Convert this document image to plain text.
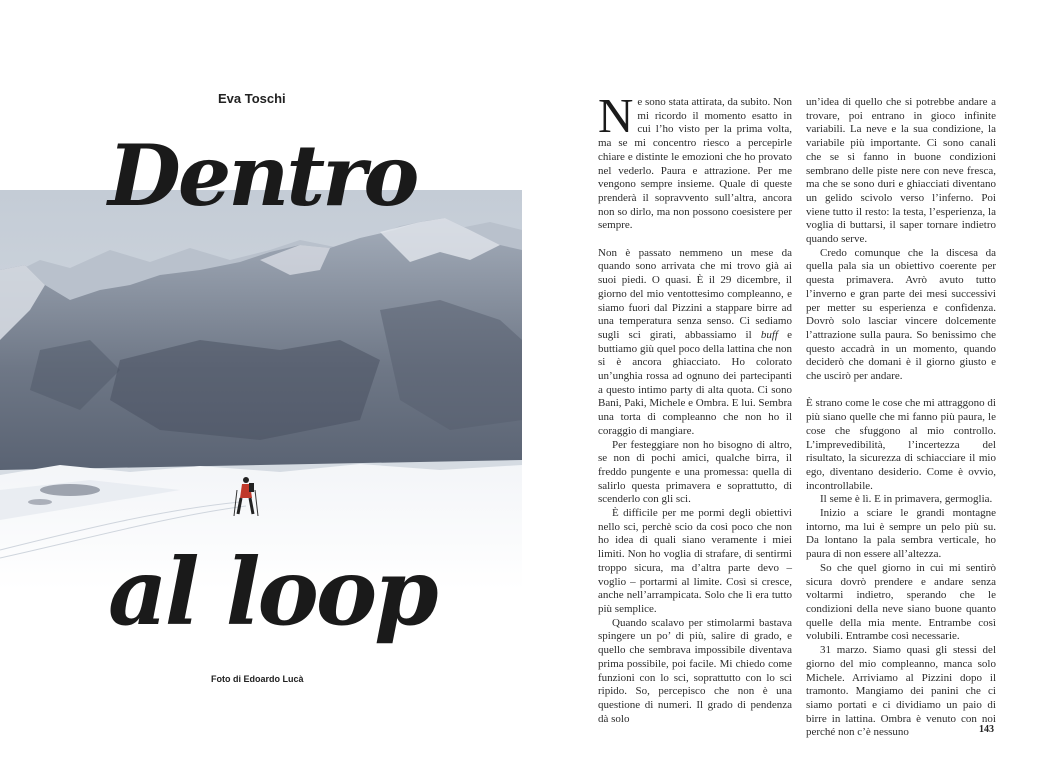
Eva Toschi
Dentro
al loop
Foto di Edoardo Lucà

Ne sono stata attirata, da subito. Non mi ricordo il momento esatto in cui l’ho visto per la prima volta, ma se mi concentro riesco a percepirle chiare e distinte le emozioni che ho provato nel vederlo. Paura e attrazione. Per me vengono sempre insieme. Quale di queste prenderà il sopravvento sull’altra, ancora non so dirlo, ma non possono coesistere per sempre.

Non è passato nemmeno un mese da quando sono arrivata che mi trovo già ai suoi piedi. O quasi. È il 29 dicembre, il giorno del mio ventottesimo compleanno, e siamo fuori dal Pizzini a stappare birre ad una temperatura senza senso. Ci sediamo sugli sci girati, abbassiamo il buff e buttiamo giù quel poco della lattina che non si è ancora ghiacciato. Ho colorato un’unghia rossa ad ognuno dei partecipanti a questo intimo party di alta quota. Ci sono Bani, Paki, Michele e Ombra. E lui. Sembra una torta di compleanno che non ho il coraggio di mangiare.

Per festeggiare non ho bisogno di altro, se non di pochi amici, qualche birra, il freddo pungente e una promessa: quella di salirlo questa primavera e soprattutto, di scenderlo con gli sci.

È difficile per me pormi degli obiettivi nello sci, perchè scio da così poco che non ho idea di quali siano veramente i miei limiti. Non ho voglia di strafare, di sentirmi troppo sicura, ma d’altra parte devo – voglio – portarmi al limite. Così si cresce, anche nell’arrampicata. Solo che lì era tutto più semplice.

Quando scalavo per stimolarmi bastava spingere un po’ di più, salire di grado, e quello che sembrava impossibile diventava prima possibile, poi facile. Mi chiedo come funzioni con lo sci, soprattutto con lo sci ripido. So, percepisco che non è una questione di numeri. Il grado di pendenza dà solo

un’idea di quello che si potrebbe andare a trovare, poi entrano in gioco infinite variabili. La neve e la sua condizione, la variabile più importante. Ci sono canali che se si fanno in buone condizioni sembrano delle piste nere con neve fresca, ma che se sono duri e ghiacciati diventano un gelido scivolo verso l’inferno. Poi viene tutto il resto: la testa, l’esperienza, la voglia di buttarsi, il saper tornare indietro quando serve.

Credo comunque che la discesa da quella pala sia un obiettivo coerente per questa primavera. Avrò avuto tutto l’inverno e gran parte dei mesi successivi per metter su esperienza e confidenza. Dovrò solo lasciar vincere dolcemente l’attrazione sulla paura. So benissimo che questo accadrà in un momento, quando deciderò che domani è il giorno giusto e che uscirò per andare.

È strano come le cose che mi attraggono di più siano quelle che mi fanno più paura, le cose che sfuggono al mio controllo. L’imprevedibilità, l’incertezza del risultato, la sicurezza di schiacciare il mio ego, diventano desiderio. Come è ovvio, incontrollabile.

Il seme è lì. E in primavera, germoglia.

Inizio a sciare le grandi montagne intorno, ma lui è sempre un pelo più su. Da lontano la pala sembra verticale, ho paura di non essere all’altezza.

So che quel giorno in cui mi sentirò sicura dovrò prendere e andare senza voltarmi indietro, sperando che le condizioni della neve siano buone quanto quelle della mia mente. Entrambe così volubili. Entrambe così necessarie.

31 marzo. Siamo quasi gli stessi del giorno del mio compleanno, manca solo Michele. Arriviamo al Pizzini dopo il tramonto. Mangiamo dei panini che ci siamo portati e ci dividiamo un paio di birre in lattina. Ombra è venuto con noi perché non c’è nessuno	143
